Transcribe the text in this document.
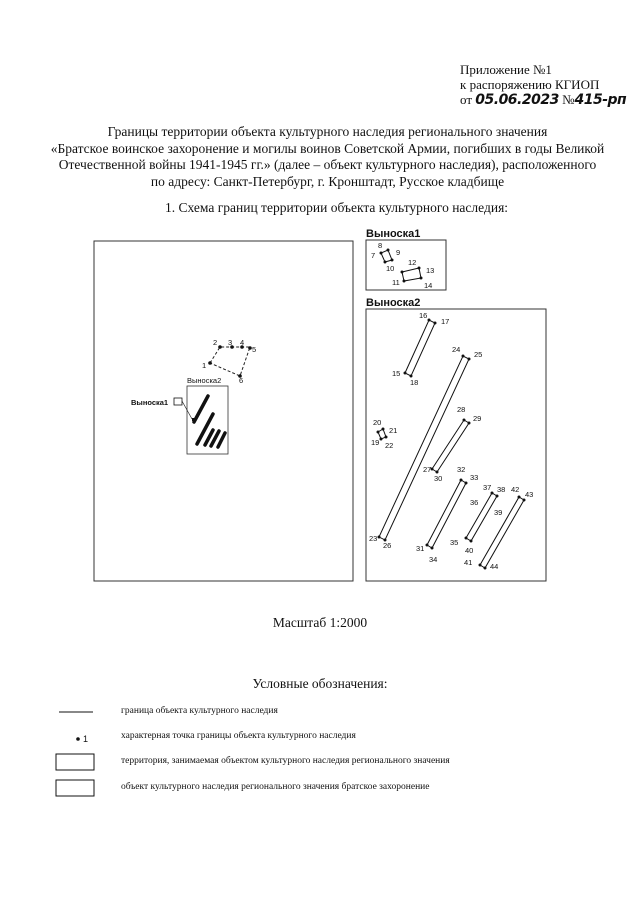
Приложение №1
к распоряжению КГИОП
от 05.06.2023 №415-рп
Границы территории объекта культурного наследия регионального значения
«Братское воинское захоронение и могилы воинов Советской Армии, погибших в годы Великой
Отечественной войны 1941-1945 гг.» (далее – объект культурного наследия), расположенного
по адресу: Санкт-Петербург, г. Кронштадт, Русское кладбище
1. Схема границ территории объекта культурного наследия:
1
2 3 4
5
6
Выноска2
Выноска1
Выноска1
7
8
9
10
11
12
13
14
Выноска2
15
16
17
18
19
20
21
22
23
24
25
26
27
28
29
30
31
32
33
34
35
36
37 38
39
40
41
42
43
44
Масштаб 1:2000
Условные обозначения:
граница объекта культурного наследия
1	характерная точка границы объекта культурного наследия
территория, занимаемая объектом культурного наследия регионального значения
объект культурного наследия регионального значения братское захоронение
